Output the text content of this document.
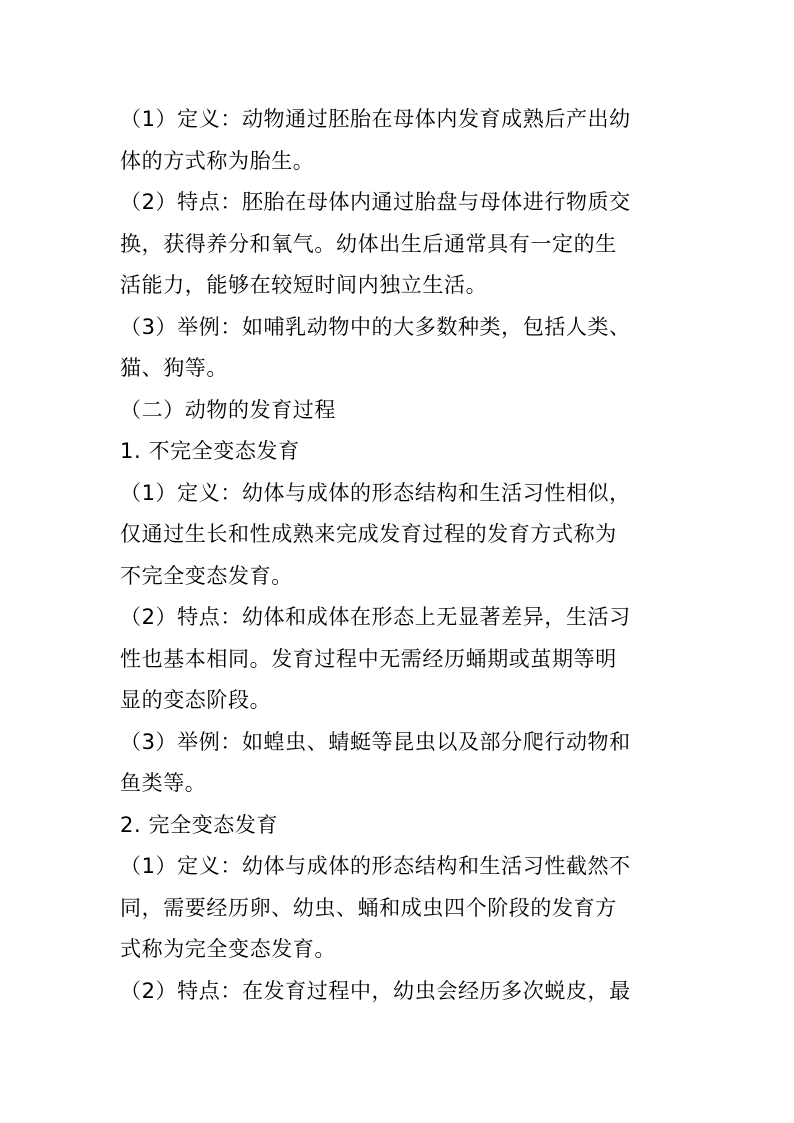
（1）定义：动物通过胚胎在母体内发育成熟后产出幼
体的方式称为胎生。
（2）特点：胚胎在母体内通过胎盘与母体进行物质交
换，获得养分和氧气。幼体出生后通常具有一定的生
活能力，能够在较短时间内独立生活。
（3）举例：如哺乳动物中的大多数种类，包括人类、
猫、狗等。
（二）动物的发育过程
1. 不完全变态发育
（1）定义：幼体与成体的形态结构和生活习性相似，
仅通过生长和性成熟来完成发育过程的发育方式称为
不完全变态发育。
（2）特点：幼体和成体在形态上无显著差异，生活习
性也基本相同。发育过程中无需经历蛹期或茧期等明
显的变态阶段。
（3）举例：如蝗虫、蜻蜓等昆虫以及部分爬行动物和
鱼类等。
2. 完全变态发育
（1）定义：幼体与成体的形态结构和生活习性截然不
同，需要经历卵、幼虫、蛹和成虫四个阶段的发育方
式称为完全变态发育。
（2）特点：在发育过程中，幼虫会经历多次蜕皮，最
